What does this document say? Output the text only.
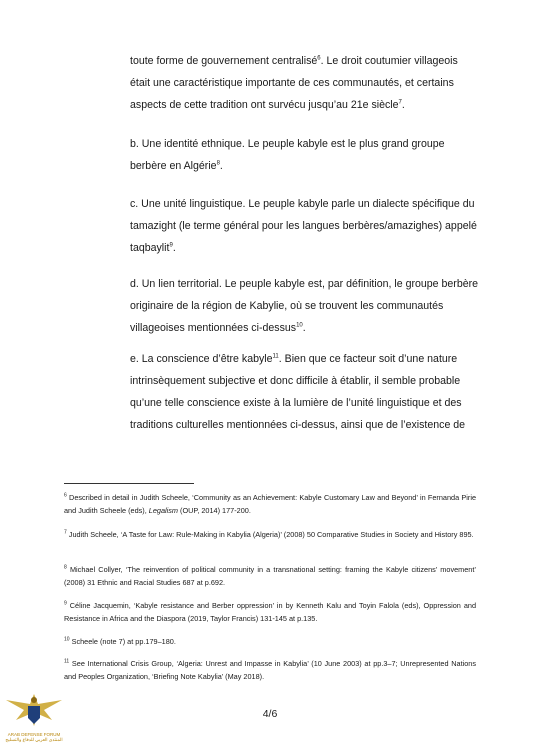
toute forme de gouvernement centralisé$^6$. Le droit coutumier villageois était une caractéristique importante de ces communautés, et certains aspects de cette tradition ont survécu jusqu’au 21e siècle$^7$.

b. Une identité ethnique. Le peuple kabyle est le plus grand groupe berbère en Algérie$^8$.

c. Une unité linguistique. Le peuple kabyle parle un dialecte spécifique du tamazight (le terme général pour les langues berbères/amazighes) appelé taqbaylit$^9$.

d. Un lien territorial. Le peuple kabyle est, par définition, le groupe berbère originaire de la région de Kabylie, où se trouvent les communautés villageoises mentionnées ci-dessus$^{10}$.

e. La conscience d’être kabyle$^{11}$. Bien que ce facteur soit d’une nature intrinsèquement subjective et donc difficile à établir, il semble probable qu’une telle conscience existe à la lumière de l’unité linguistique et des traditions culturelles mentionnées ci-dessus, ainsi que de l’existence de

$^6$ Described in detail in Judith Scheele, ‘Community as an Achievement: Kabyle Customary Law and Beyond’ in Fernanda Pirie and Judith Scheele (eds), Legalism (OUP, 2014) 177-200.

$^7$ Judith Scheele, ‘A Taste for Law: Rule-Making in Kabylia (Algeria)’ (2008) 50 Comparative Studies in Society and History 895.

$^8$ Michael Collyer, ‘The reinvention of political community in a transnational setting: framing the Kabyle citizens’ movement’ (2008) 31 Ethnic and Racial Studies 687 at p.692.

$^9$ Céline Jacquemin, ‘Kabyle resistance and Berber oppression’ in by Kenneth Kalu and Toyin Falola (eds), Oppression and Resistance in Africa and the Diaspora (2019, Taylor Francis) 131-145 at p.135.

$^{10}$ Scheele (note 7) at pp.179–180.

$^{11}$ See International Crisis Group, ‘Algeria: Unrest and Impasse in Kabylia’ (10 June 2003) at pp.3–7; Unrepresented Nations and Peoples Organization, ‘Briefing Note Kabylia’ (May 2018).

4/6
ARAB DEFENSE FORUM
المنتدى العربي للدفاع والتسليح
